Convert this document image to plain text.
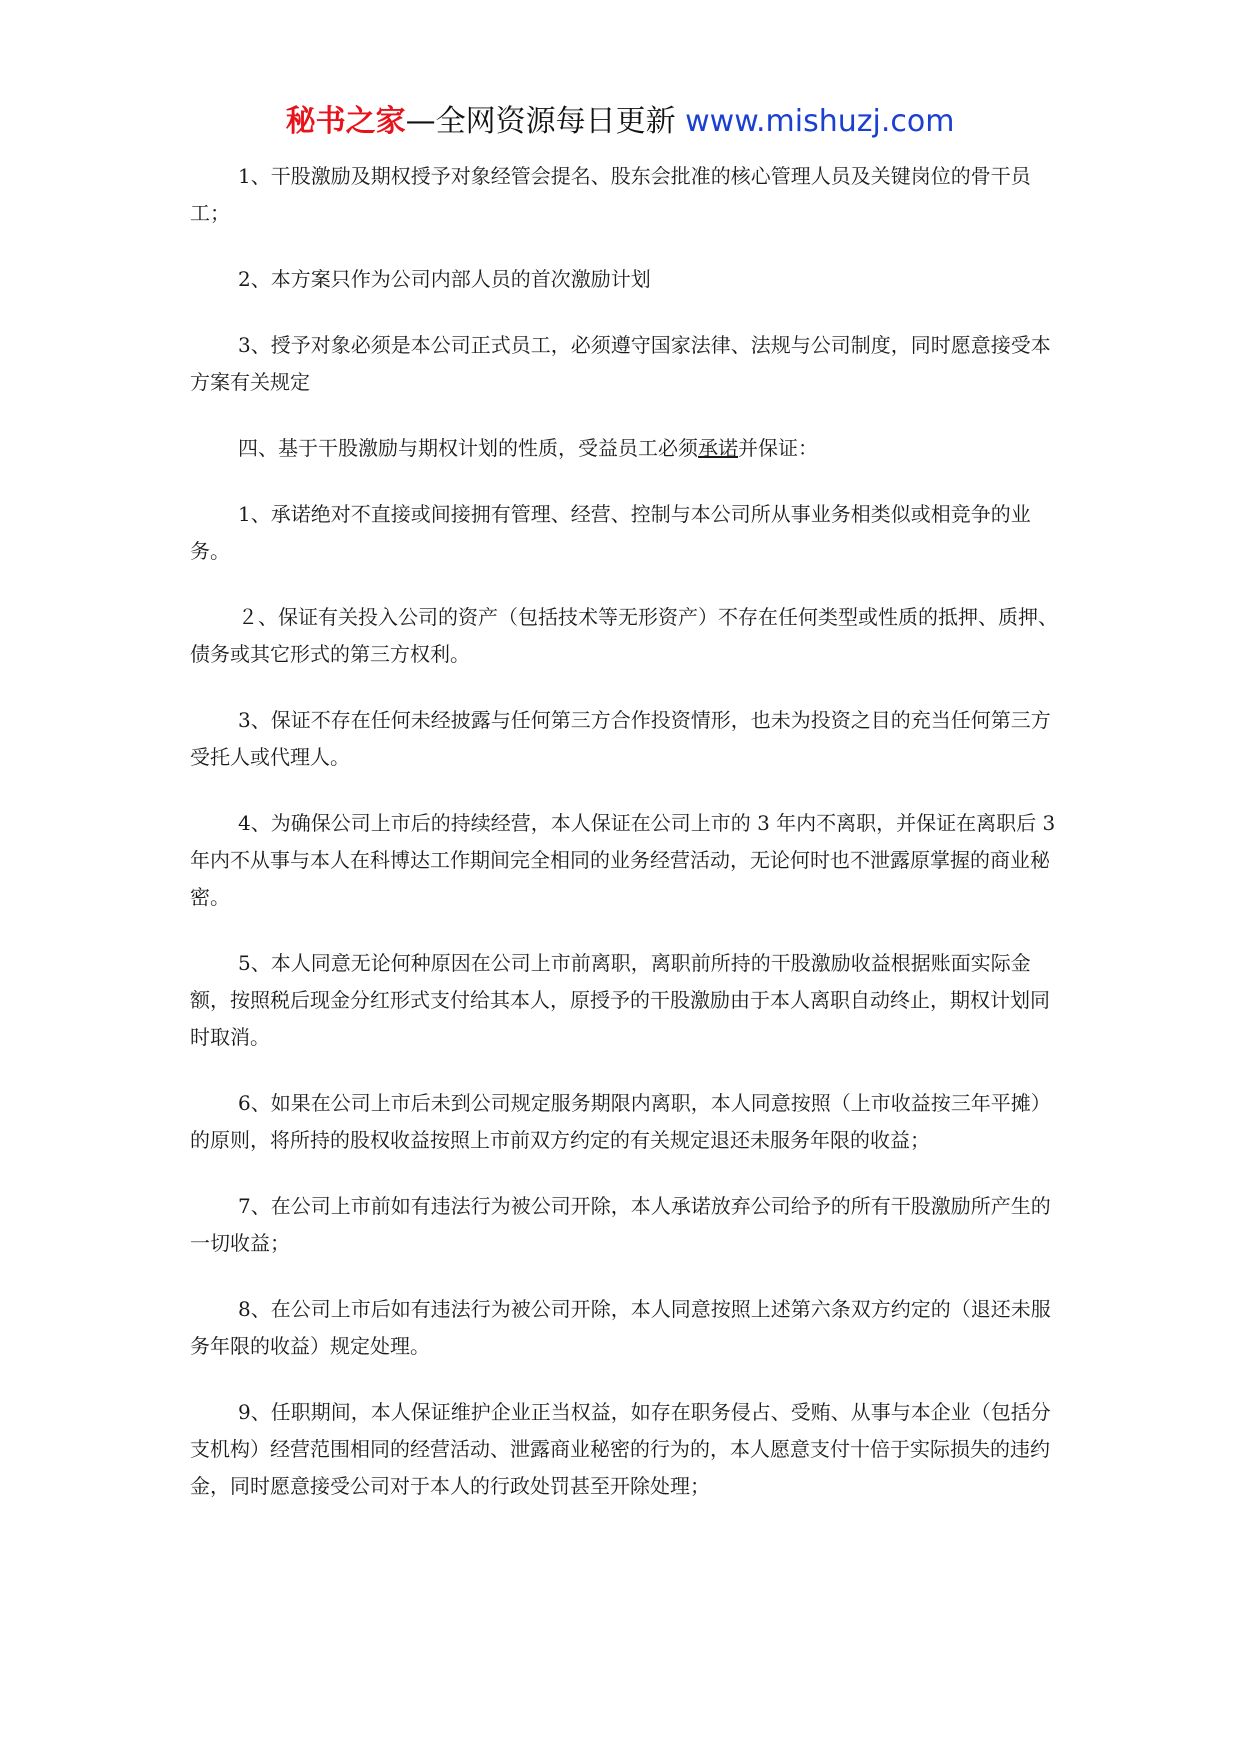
秘书之家—全网资源每日更新 www.mishuzj.com

1、干股激励及期权授予对象经管会提名、股东会批准的核心管理人员及关键岗位的骨干员工；

2、本方案只作为公司内部人员的首次激励计划

3、授予对象必须是本公司正式员工，必须遵守国家法律、法规与公司制度，同时愿意接受本方案有关规定

四、基于干股激励与期权计划的性质，受益员工必须承诺并保证：

1、承诺绝对不直接或间接拥有管理、经营、控制与本公司所从事业务相类似或相竞争的业务。

２、保证有关投入公司的资产（包括技术等无形资产）不存在任何类型或性质的抵押、质押、债务或其它形式的第三方权利。

3、保证不存在任何未经披露与任何第三方合作投资情形，也未为投资之目的充当任何第三方受托人或代理人。

4、为确保公司上市后的持续经营，本人保证在公司上市的 3 年内不离职，并保证在离职后 3 年内不从事与本人在科博达工作期间完全相同的业务经营活动，无论何时也不泄露原掌握的商业秘密。

5、本人同意无论何种原因在公司上市前离职，离职前所持的干股激励收益根据账面实际金额，按照税后现金分红形式支付给其本人，原授予的干股激励由于本人离职自动终止，期权计划同时取消。

6、如果在公司上市后未到公司规定服务期限内离职，本人同意按照（上市收益按三年平摊）的原则，将所持的股权收益按照上市前双方约定的有关规定退还未服务年限的收益；

7、在公司上市前如有违法行为被公司开除，本人承诺放弃公司给予的所有干股激励所产生的一切收益；

8、在公司上市后如有违法行为被公司开除，本人同意按照上述第六条双方约定的（退还未服务年限的收益）规定处理。

9、任职期间，本人保证维护企业正当权益，如存在职务侵占、受贿、从事与本企业（包括分支机构）经营范围相同的经营活动、泄露商业秘密的行为的，本人愿意支付十倍于实际损失的违约金，同时愿意接受公司对于本人的行政处罚甚至开除处理；
